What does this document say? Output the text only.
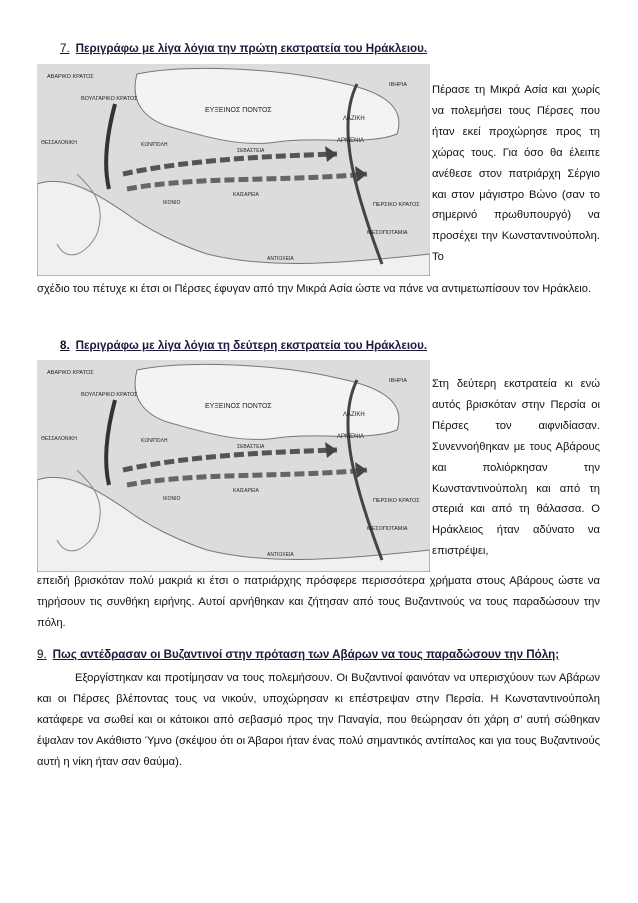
7. Περιγράφω με λίγα λόγια την πρώτη εκστρατεία του Ηράκλειου.
ΑΒΑΡΙΚΟ ΚΡΑΤΟΣ
ΒΟΥΛΓΑΡΙΚΟ ΚΡΑΤΟΣ
ΕΥΞΕΙΝΟΣ ΠΟΝΤΟΣ
ΛΑΖΙΚΗ
ΙΒΗΡΙΑ
ΑΡΜΕΝΙΑ
ΠΕΡΣΙΚΟ ΚΡΑΤΟΣ
ΜΕΣΟΠΟΤΑΜΙΑ
ΘΕΣΣΑΛΟΝΙΚΗ	ΚΩΝ/ΠΟΛΗ
ΣΕΒΑΣΤΕΙΑ
ΚΑΙΣΑΡΕΙΑ
ΙΚΟΝΙΟ
ΑΝΤΙΟΧΕΙΑ

Πέρασε τη Μικρά Ασία και χωρίς να πολεμήσει τους Πέρσες που ήταν εκεί προχώρησε προς τη χώρας τους. Για όσο θα έλειπε ανέθεσε στον πατριάρχη Σέργιο και στον μάγιστρο Βώνο (σαν το σημερινό πρωθυπουργό) να προσέχει την Κωνσταντινούπολη. Το

σχέδιο του πέτυχε κι έτσι οι Πέρσες έφυγαν από την Μικρά Ασία ώστε να πάνε να αντιμετωπίσουν τον Ηράκλειο.

8. Περιγράφω με λίγα λόγια τη δεύτερη εκστρατεία του Ηράκλειου.
ΑΒΑΡΙΚΟ ΚΡΑΤΟΣ
ΒΟΥΛΓΑΡΙΚΟ ΚΡΑΤΟΣ
ΕΥΞΕΙΝΟΣ ΠΟΝΤΟΣ
ΛΑΖΙΚΗ
ΙΒΗΡΙΑ
ΑΡΜΕΝΙΑ
ΠΕΡΣΙΚΟ ΚΡΑΤΟΣ
ΜΕΣΟΠΟΤΑΜΙΑ
ΘΕΣΣΑΛΟΝΙΚΗ	ΚΩΝ/ΠΟΛΗ
ΣΕΒΑΣΤΕΙΑ
ΚΑΙΣΑΡΕΙΑ
ΙΚΟΝΙΟ
ΑΝΤΙΟΧΕΙΑ

Στη δεύτερη εκστρατεία κι ενώ αυτός βρισκόταν στην Περσία οι Πέρσες τον αιφνιδίασαν. Συνεννοήθηκαν με τους Αβάρους και πολιόρκησαν την Κωνσταντινούπολη και από τη στεριά και από τη θάλασσα. Ο Ηράκλειος ήταν αδύνατο να επιστρέψει,

επειδή βρισκόταν πολύ μακριά κι έτσι ο πατριάρχης πρόσφερε περισσότερα χρήματα στους Αβάρους ώστε να τηρήσουν τις συνθήκη ειρήνης. Αυτοί αρνήθηκαν και ζήτησαν από τους Βυζαντινούς να τους παραδώσουν την πόλη.

9. Πως αντέδρασαν οι Βυζαντινοί στην πρόταση των Αβάρων να τους παραδώσουν την Πόλη;

Εξοργίστηκαν και προτίμησαν να τους πολεμήσουν. Οι Βυζαντινοί φαινόταν να υπερισχύουν των Αβάρων και οι Πέρσες βλέποντας τους να νικούν, υποχώρησαν κι επέστρεψαν στην Περσία. Η Κωνσταντινούπολη κατάφερε να σωθεί και οι κάτοικοι από σεβασμό προς την Παναγία, που θεώρησαν ότι χάρη σ’ αυτή σώθηκαν έψαλαν τον Ακάθιστο Ύμνο (σκέψου ότι οι Άβαροι ήταν ένας πολύ σημαντικός αντίπαλος και για τους Βυζαντινούς αυτή η νίκη ήταν σαν θαύμα).
